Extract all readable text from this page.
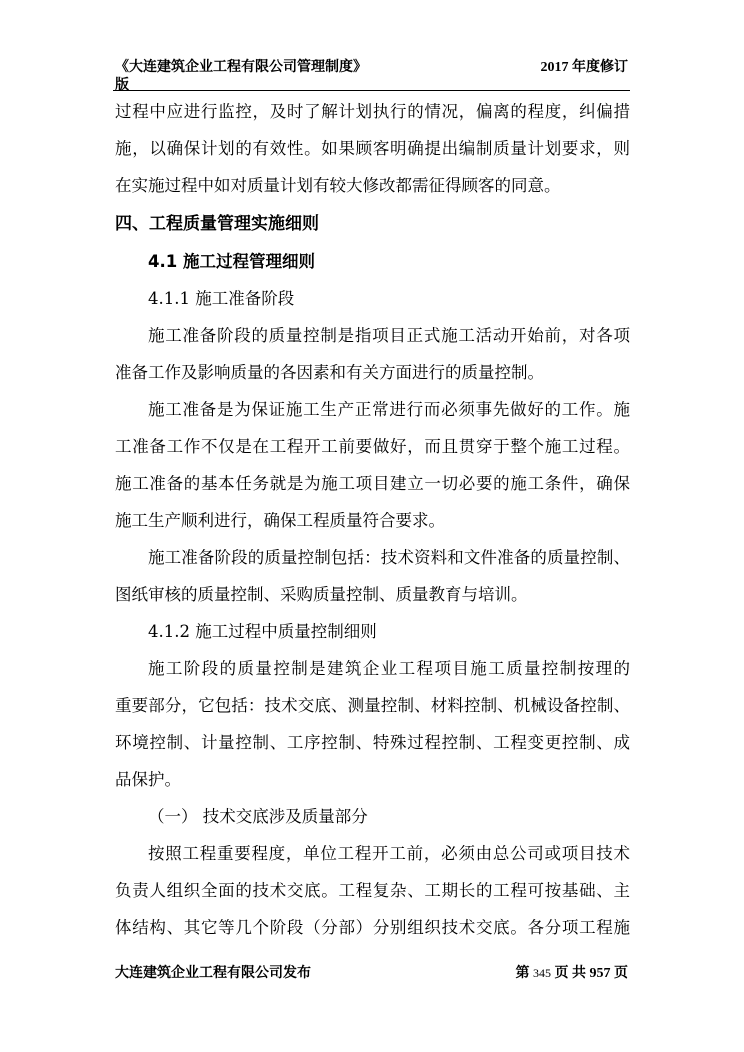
《大连建筑企业工程有限公司管理制度》	2017 年度修订
版
过程中应进行监控，及时了解计划执行的情况，偏离的程度，纠偏措
施，以确保计划的有效性。如果顾客明确提出编制质量计划要求，则
在实施过程中如对质量计划有较大修改都需征得顾客的同意。
四、工程质量管理实施细则
4.1 施工过程管理细则
4.1.1 施工准备阶段
施工准备阶段的质量控制是指项目正式施工活动开始前，对各项
准备工作及影响质量的各因素和有关方面进行的质量控制。
施工准备是为保证施工生产正常进行而必须事先做好的工作。施
工准备工作不仅是在工程开工前要做好，而且贯穿于整个施工过程。
施工准备的基本任务就是为施工项目建立一切必要的施工条件，确保
施工生产顺利进行，确保工程质量符合要求。
施工准备阶段的质量控制包括：技术资料和文件准备的质量控制、
图纸审核的质量控制、采购质量控制、质量教育与培训。
4.1.2 施工过程中质量控制细则
施工阶段的质量控制是建筑企业工程项目施工质量控制按理的
重要部分，它包括：技术交底、测量控制、材料控制、机械设备控制、
环境控制、计量控制、工序控制、特殊过程控制、工程变更控制、成
品保护。
（一） 技术交底涉及质量部分
按照工程重要程度，单位工程开工前，必须由总公司或项目技术
负责人组织全面的技术交底。工程复杂、工期长的工程可按基础、主
体结构、其它等几个阶段（分部）分别组织技术交底。各分项工程施
大连建筑企业工程有限公司发布	第 345 页 共 957 页
